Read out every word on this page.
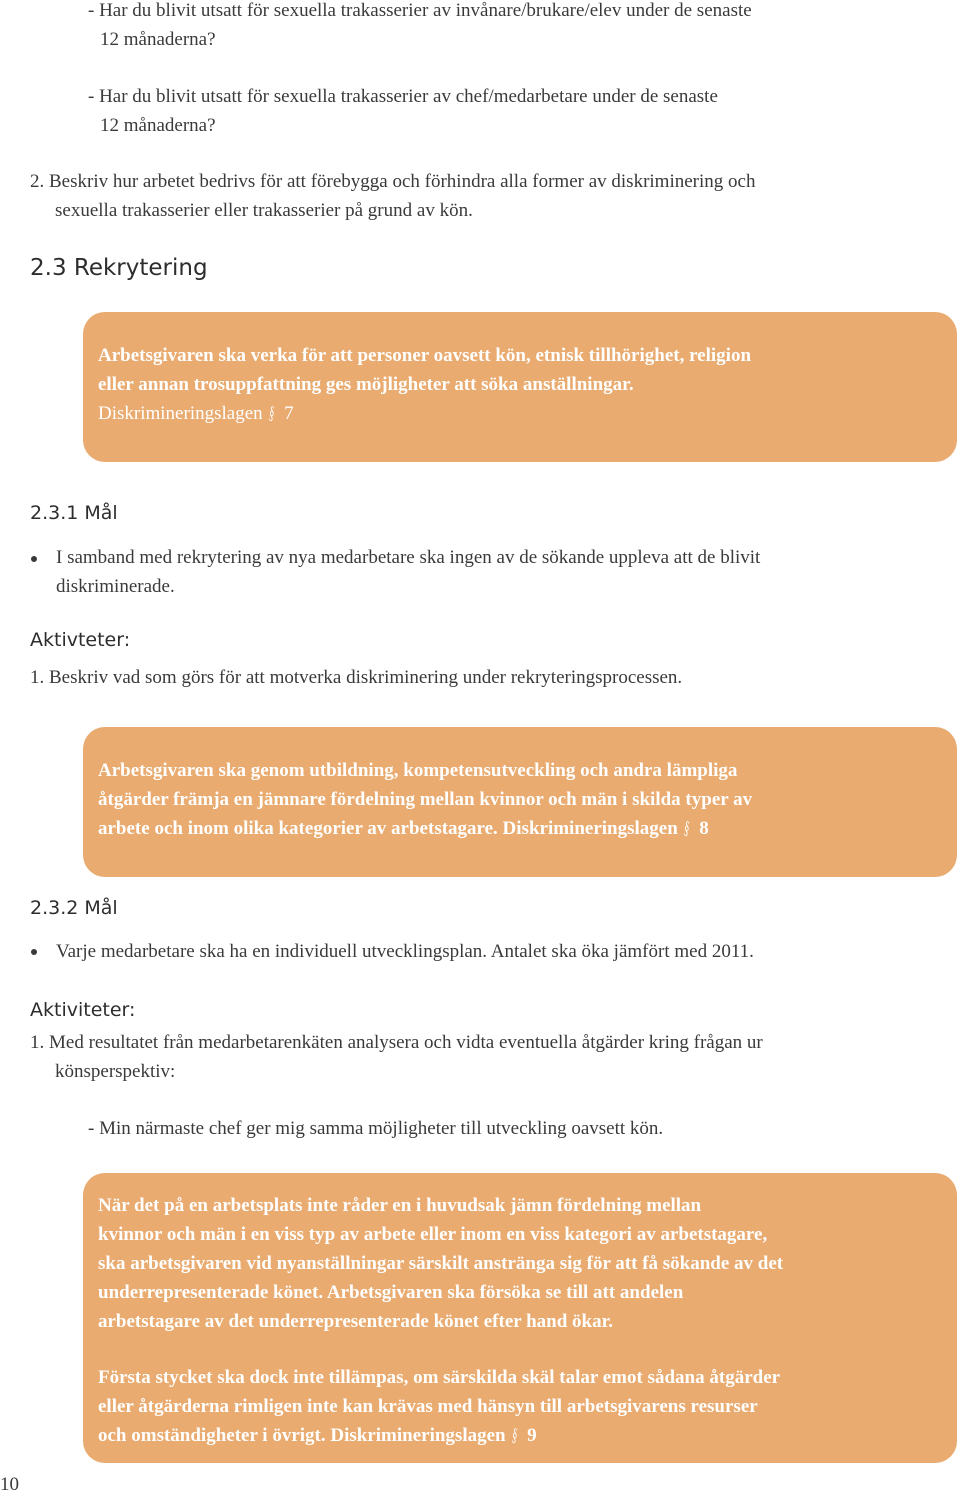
- Har du blivit utsatt för sexuella trakasserier av invånare/brukare/elev under de senaste
12 månaderna?
- Har du blivit utsatt för sexuella trakasserier av chef/medarbetare under de senaste
12 månaderna?
2. Beskriv hur arbetet bedrivs för att förebygga och förhindra alla former av diskriminering och
sexuella trakasserier eller trakasserier på grund av kön.
2.3 Rekrytering
Arbetsgivaren ska verka för att personer oavsett kön, etnisk tillhörighet, religion
eller annan trosuppfattning ges möjligheter att söka anställningar.
Diskrimineringslagen § 7
2.3.1 Mål
I samband med rekrytering av nya medarbetare ska ingen av de sökande uppleva att de blivit
diskriminerade.
Aktivteter:
1. Beskriv vad som görs för att motverka diskriminering under rekryteringsprocessen.
Arbetsgivaren ska genom utbildning, kompetensutveckling och andra lämpliga
åtgärder främja en jämnare fördelning mellan kvinnor och män i skilda typer av
arbete och inom olika kategorier av arbetstagare. Diskrimineringslagen § 8
2.3.2 Mål
Varje medarbetare ska ha en individuell utvecklingsplan. Antalet ska öka jämfört med 2011.
Aktiviteter:
1. Med resultatet från medarbetarenkäten analysera och vidta eventuella åtgärder kring frågan ur
könsperspektiv:
- Min närmaste chef ger mig samma möjligheter till utveckling oavsett kön.
När det på en arbetsplats inte råder en i huvudsak jämn fördelning mellan
kvinnor och män i en viss typ av arbete eller inom en viss kategori av arbetstagare,
ska arbetsgivaren vid nyanställningar särskilt anstränga sig för att få sökande av det
underrepresenterade könet. Arbetsgivaren ska försöka se till att andelen
arbetstagare av det underrepresenterade könet efter hand ökar.
Första stycket ska dock inte tillämpas, om särskilda skäl talar emot sådana åtgärder
eller åtgärderna rimligen inte kan krävas med hänsyn till arbetsgivarens resurser
och omständigheter i övrigt. Diskrimineringslagen § 9
10
